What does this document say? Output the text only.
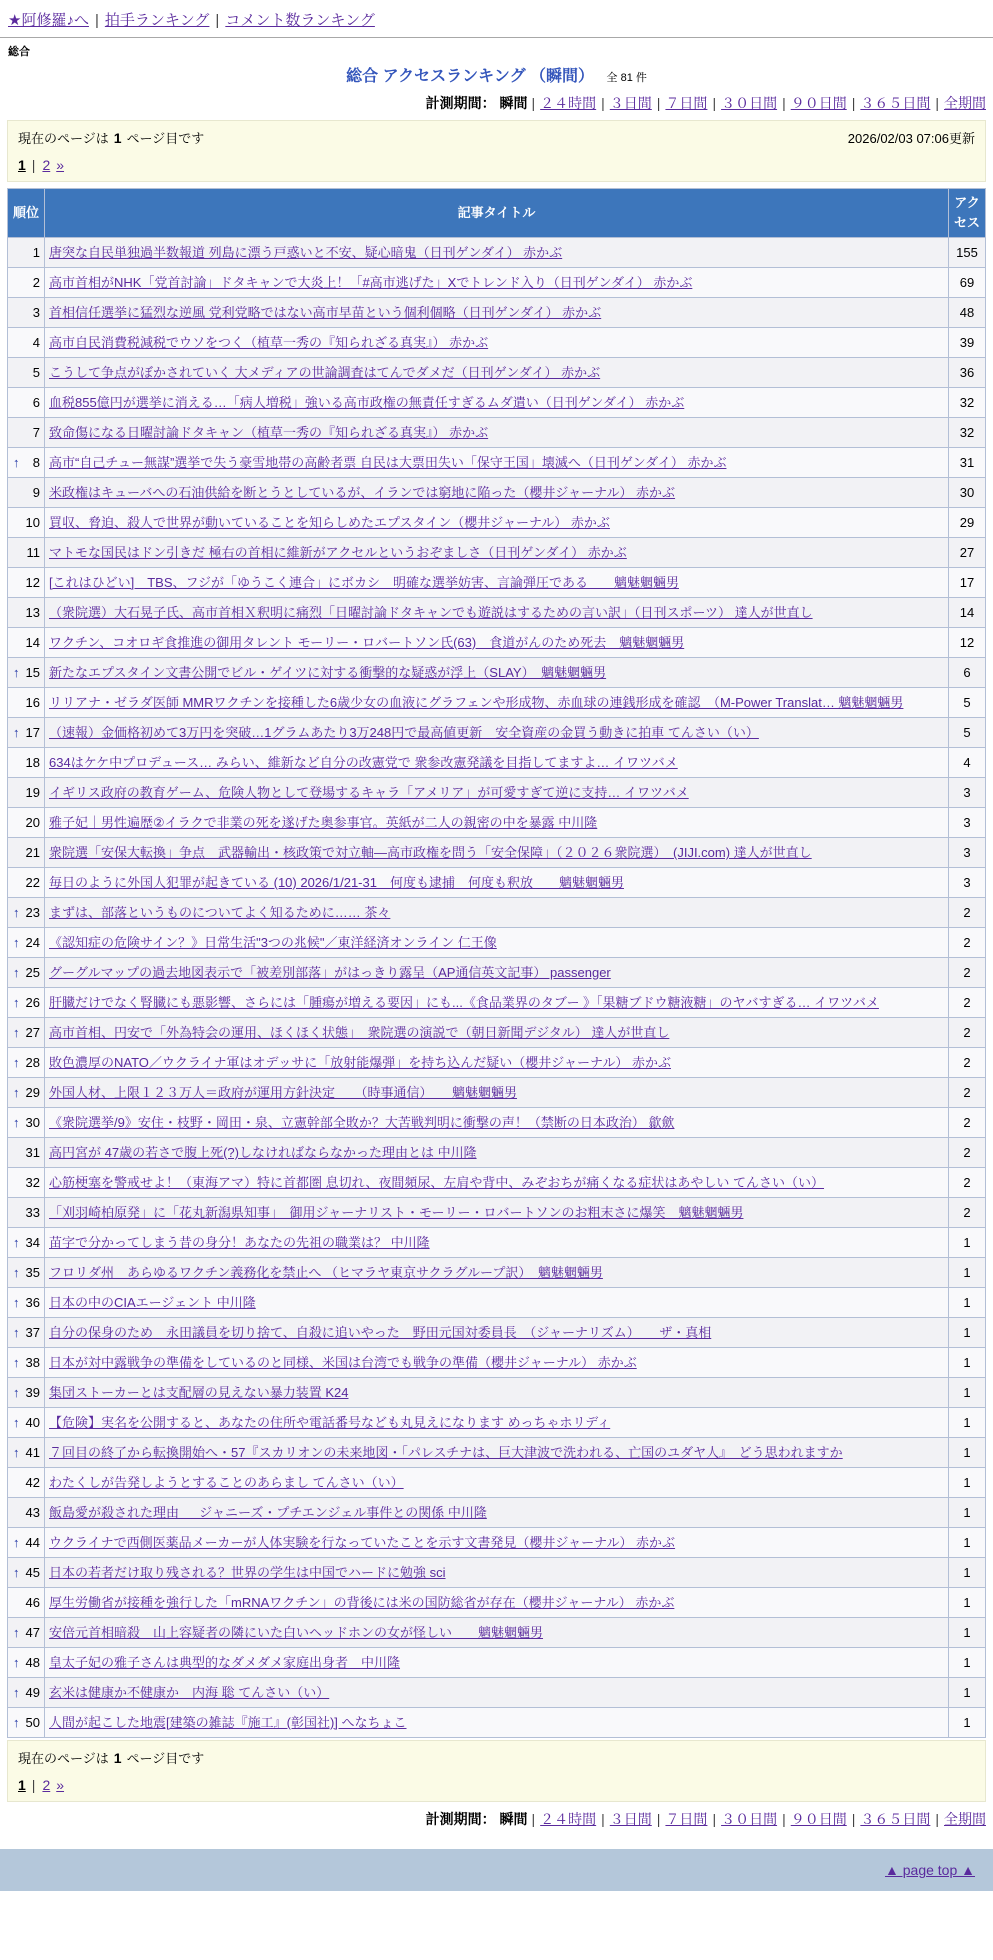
★阿修羅♪へ | 拍手ランキング | コメント数ランキング
総合
総合 アクセスランキング （瞬間） 全 81 件
計測期間： 瞬間 | ２４時間 | ３日間 | ７日間 | ３０日間 | ９０日間 | ３６５日間 | 全期間
現在のページは 1 ページ目です	2026/02/03 07:06更新
1 | 2 »
順位	記事タイトル	アクセス

1	唐突な自民単独過半数報道 列島に漂う戸惑いと不安、疑心暗鬼（日刊ゲンダイ） 赤かぶ	155

2	高市首相がNHK「党首討論」ドタキャンで大炎上！「#高市逃げた」Xでトレンド入り（日刊ゲンダイ） 赤かぶ	69

3	首相信任選挙に猛烈な逆風 党利党略ではない高市早苗という個利個略（日刊ゲンダイ） 赤かぶ	48

4	高市自民消費税減税でウソをつく（植草一秀の『知られざる真実』） 赤かぶ	39

5	こうして争点がぼかされていく 大メディアの世論調査はてんでダメだ（日刊ゲンダイ） 赤かぶ	36

6	血税855億円が選挙に消える…「病人増税」強いる高市政権の無責任すぎるムダ遣い（日刊ゲンダイ） 赤かぶ	32

7	致命傷になる日曜討論ドタキャン（植草一秀の『知られざる真実』） 赤かぶ	32

↑ 8	高市“自己チュー無謀”選挙で失う豪雪地帯の高齢者票 自民は大票田失い「保守王国」壊滅へ（日刊ゲンダイ） 赤かぶ	31

9	米政権はキューバへの石油供給を断とうとしているが、イランでは窮地に陥った（櫻井ジャーナル） 赤かぶ	30

10	買収、脅迫、殺人で世界が動いていることを知らしめたエプスタイン（櫻井ジャーナル） 赤かぶ	29

11	マトモな国民はドン引きだ 極右の首相に維新がアクセルというおぞましさ（日刊ゲンダイ） 赤かぶ	27

12	[これはひどい]　TBS、フジが「ゆうこく連合」にボカシ　明確な選挙妨害、言論弾圧である　　魑魅魍魎男	17

13	（衆院選）大石晃子氏、高市首相Ｘ釈明に痛烈「日曜討論ドタキャンでも遊説はするための言い訳」（日刊スポーツ） 達人が世直し	14

14	ワクチン、コオロギ食推進の御用タレント モーリー・ロバートソン氏(63)　食道がんのため死去　魑魅魍魎男	12

↑ 15	新たなエプスタイン文書公開でビル・ゲイツに対する衝撃的な疑惑が浮上（SLAY）　魑魅魍魎男	6

16	リリアナ・ゼラダ医師 MMRワクチンを接種した6歳少女の血液にグラフェンや形成物、赤血球の連銭形成を確認　（M-Power Translat… 魑魅魍魎男	5

↑ 17	（速報）金価格初めて3万円を突破…1グラムあたり3万248円で最高値更新　安全資産の金買う動きに拍車 てんさい（い）	5

18	634はケケ中プロデュース… みらい、維新など自分の改憲党で 衆参改憲発議を目指してますよ… イワツバメ	4

19	イギリス政府の教育ゲーム、危険人物として登場するキャラ「アメリア」が可愛すぎて逆に支持… イワツバメ	3

20	雅子妃｜男性遍歴②イラクで非業の死を遂げた奥参事官。英紙が二人の親密の中を暴露 中川隆	3

21	衆院選「安保大転換」争点　武器輸出・核政策で対立軸―高市政権を問う「安全保障」（２０２６衆院選）　(JIJI.com) 達人が世直し	3

22	毎日のように外国人犯罪が起きている (10) 2026/1/21-31　何度も逮捕　何度も釈放　　魑魅魍魎男	3

↑ 23	まずは、部落というものについてよく知るために…… 茶々	2

↑ 24	《認知症の危険サイン？》日常生活"3つの兆候"／東洋経済オンライン 仁王像	2

↑ 25	グーグルマップの過去地図表示で「被差別部落」がはっきり露呈（AP通信英文記事） passenger	2

↑ 26	肝臓だけでなく腎臓にも悪影響、さらには「腫瘍が増える要因」にも...《食品業界のタブー 》「果糖ブドウ糖液糖」のヤバすぎる… イワツバメ	2

↑ 27	高市首相、円安で「外為特会の運用、ほくほく状態」　衆院選の演説で（朝日新聞デジタル） 達人が世直し	2

↑ 28	敗色濃厚のNATO／ウクライナ軍はオデッサに「放射能爆弾」を持ち込んだ疑い（櫻井ジャーナル） 赤かぶ	2

↑ 29	外国人材、上限１２３万人＝政府が運用方針決定　　（時事通信）　　魑魅魍魎男	2

↑ 30	《衆院選挙/9》安住・枝野・岡田・泉、立憲幹部全敗か？大苦戦判明に衝撃の声！（禁断の日本政治） 歙歛	2

31	高円宮が 47歳の若さで腹上死(?)しなければならなかった理由とは 中川隆	2

32	心筋梗塞を警戒せよ！（東海アマ）特に首都圏 息切れ、夜間頻尿、左肩や背中、みぞおちが痛くなる症状はあやしい てんさい（い）	2

33	「刈羽崎柏原発」に「花丸新潟県知事」　御用ジャーナリスト・モーリー・ロバートソンのお粗末さに爆笑　魑魅魍魎男	2

↑ 34	苗字で分かってしまう昔の身分！あなたの先祖の職業は？ 中川隆	1

↑ 35	フロリダ州　あらゆるワクチン義務化を禁止へ （ヒマラヤ東京サクラグループ訳）　魑魅魍魎男	1

↑ 36	日本の中のCIAエージェント 中川隆	1

↑ 37	自分の保身のため　永田議員を切り捨て、自殺に追いやった　野田元国対委員長　（ジャーナリズム）　　ザ・真相	1

↑ 38	日本が対中露戦争の準備をしているのと同様、米国は台湾でも戦争の準備（櫻井ジャーナル） 赤かぶ	1

↑ 39	集団ストーカーとは支配層の見えない暴力装置 K24	1

↑ 40	【危険】実名を公開すると、あなたの住所や電話番号なども丸見えになります めっちゃホリディ	1

↑ 41	７回目の終了から転換開始へ・57『スカリオンの未来地図・「パレスチナは、巨大津波で洗われる、亡国のユダヤ人』　どう思われますか	1

42	わたくしが告発しようとすることのあらまし てんさい（い）	1

43	飯島愛が殺された理由 ＿ ジャニーズ・プチエンジェル事件との関係 中川隆	1

↑ 44	ウクライナで西側医薬品メーカーが人体実験を行なっていたことを示す文書発見（櫻井ジャーナル） 赤かぶ	1

↑ 45	日本の若者だけ取り残される？世界の学生は中国でハードに勉強 sci	1

46	厚生労働省が接種を強行した「mRNAワクチン」の背後には米の国防総省が存在（櫻井ジャーナル） 赤かぶ	1

↑ 47	安倍元首相暗殺　山上容疑者の隣にいた白いヘッドホンの女が怪しい　　魑魅魍魎男	1

↑ 48	皇太子妃の雅子さんは典型的なダメダメ家庭出身者　中川隆	1

↑ 49	玄米は健康か不健康か　内海 聡 てんさい（い）	1

↑ 50	人間が起こした地震[建築の雑誌『施工』(彰国社)] へなちょこ	1
現在のページは 1 ページ目です
1 | 2 »
計測期間： 瞬間 | ２４時間 | ３日間 | ７日間 | ３０日間 | ９０日間 | ３６５日間 | 全期間
▲ page top ▲
